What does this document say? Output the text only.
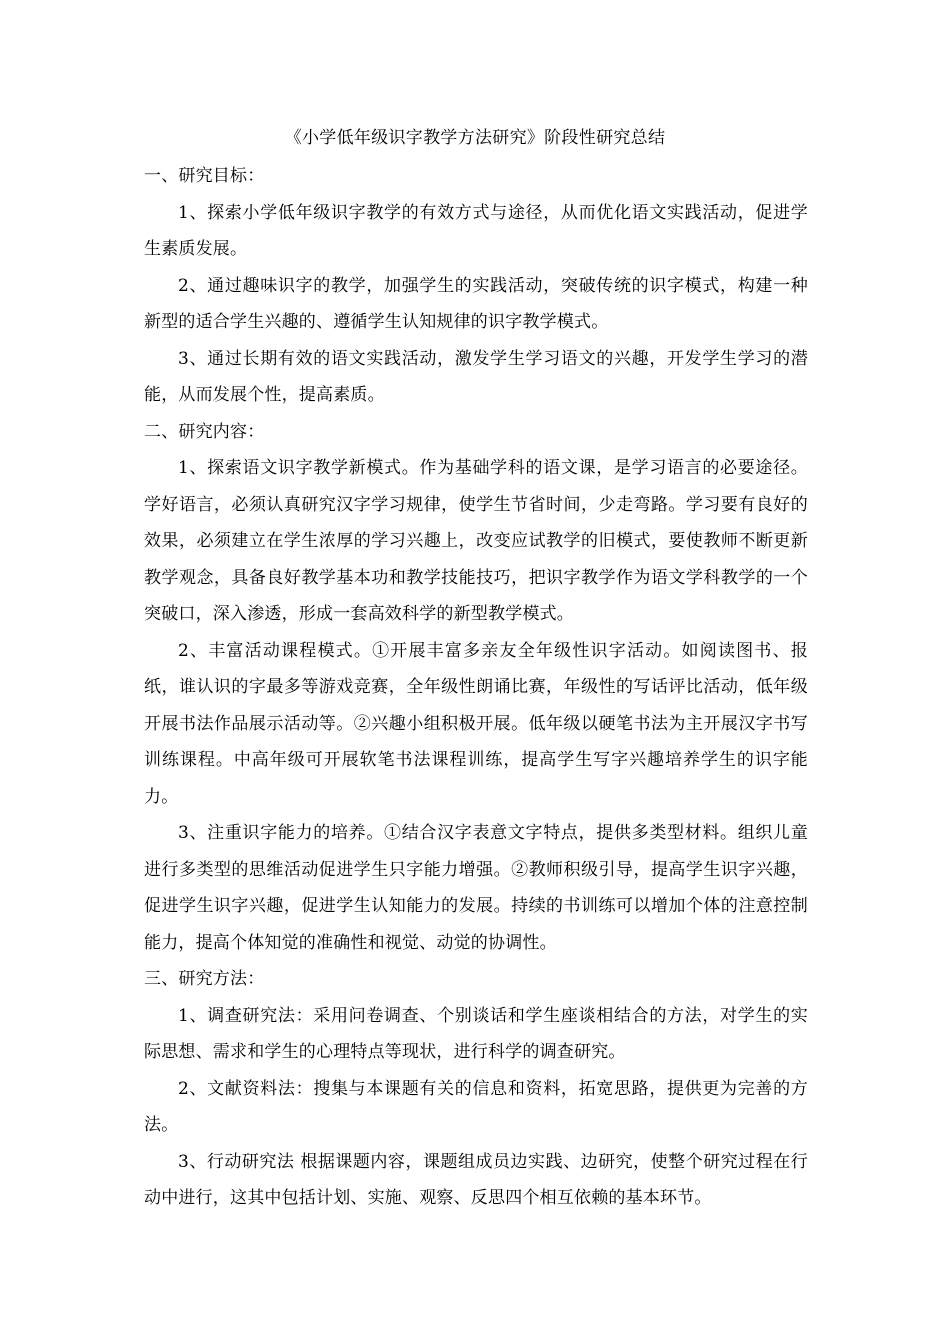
《小学低年级识字教学方法研究》阶段性研究总结

一、研究目标：

1、探索小学低年级识字教学的有效方式与途径，从而优化语文实践活动，促进学生素质发展。

2、通过趣味识字的教学，加强学生的实践活动，突破传统的识字模式，构建一种新型的适合学生兴趣的、遵循学生认知规律的识字教学模式。

3、通过长期有效的语文实践活动，激发学生学习语文的兴趣，开发学生学习的潜能，从而发展个性，提高素质。

二、研究内容：

1、探索语文识字教学新模式。作为基础学科的语文课，是学习语言的必要途径。学好语言，必须认真研究汉字学习规律，使学生节省时间，少走弯路。学习要有良好的效果，必须建立在学生浓厚的学习兴趣上，改变应试教学的旧模式，要使教师不断更新教学观念，具备良好教学基本功和教学技能技巧，把识字教学作为语文学科教学的一个突破口，深入渗透，形成一套高效科学的新型教学模式。

2、丰富活动课程模式。①开展丰富多亲友全年级性识字活动。如阅读图书、报纸，谁认识的字最多等游戏竞赛，全年级性朗诵比赛，年级性的写话评比活动，低年级开展书法作品展示活动等。②兴趣小组积极开展。低年级以硬笔书法为主开展汉字书写训练课程。中高年级可开展软笔书法课程训练，提高学生写字兴趣培养学生的识字能力。

3、注重识字能力的培养。①结合汉字表意文字特点，提供多类型材料。组织儿童进行多类型的思维活动促进学生只字能力增强。②教师积级引导，提高学生识字兴趣，促进学生识字兴趣，促进学生认知能力的发展。持续的书训练可以增加个体的注意控制能力，提高个体知觉的准确性和视觉、动觉的协调性。

三、研究方法：

1、调查研究法：采用问卷调查、个别谈话和学生座谈相结合的方法，对学生的实际思想、需求和学生的心理特点等现状，进行科学的调查研究。

2、文献资料法：搜集与本课题有关的信息和资料，拓宽思路，提供更为完善的方法。

3、行动研究法 根据课题内容，课题组成员边实践、边研究，使整个研究过程在行动中进行，这其中包括计划、实施、观察、反思四个相互依赖的基本环节。
